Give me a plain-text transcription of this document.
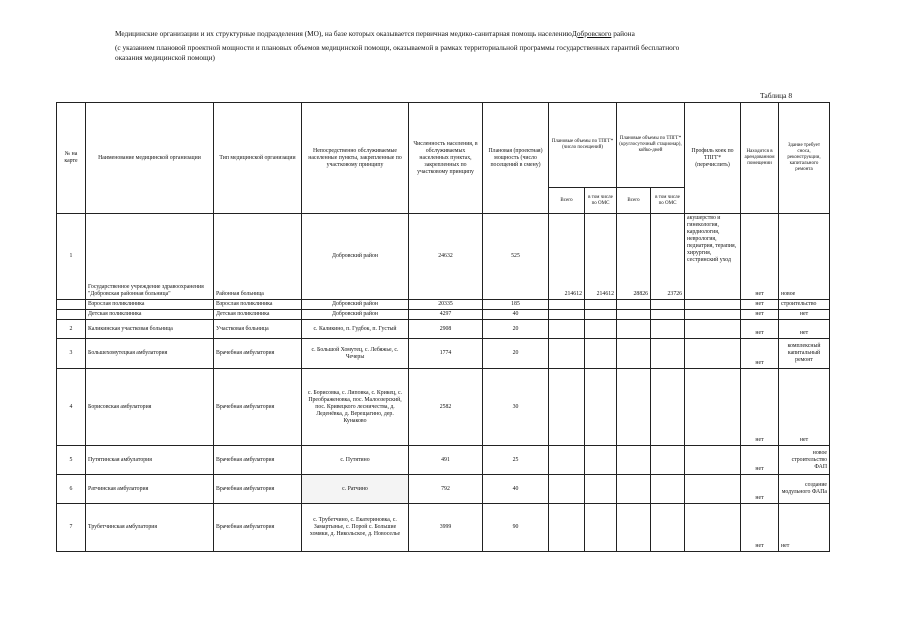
Медицинские организации и их структурные подразделения (МО), на базе которых оказывается первичная медико-санитарная помощь населениюДобровского района
(с указанием плановой проектной мощности и плановых объемов медицинской помощи, оказываемой в рамках территориальной программы государственных гарантий бесплатного
оказания медицинской помощи)
Таблица 8
№ на карте	Наименование медицинской организации	Тип медицинской организации	Непосредственно обслуживаемые населенные пункты, закрепленные по участковому принципу	Численность населения, в обслуживаемых населенных пунктах, закрепленных по участковому принципу	Плановая (проектная) мощность (число посещений в смену)	Плановые объемы по ТПГГ* (число посещений)		Плановые объемы по ТПГГ* (круглосуточный стационар), койко-дней		Профиль коек по ТПГГ* (перечислить)	Находится в арендованном помещении	Здание требует сноса, реконструкции, капитального ремонта
						Всего	в том числе по ОМС	Всего	в том числе по ОМС			
1	Государственное учреждение здравоохранения "Добровская районная больница"	Районная больница	Добровский район	24632	525	214612	214612	28826	23726	акушерство и гинекология, кардиология, неврология, педиатрия, терапия, хирургия, сестринский уход	нет	новое
	Взрослая поликлиника	Взрослая поликлиника	Добровский район	20335	185						нет	строительство
	Детская поликлиника	Детская поликлиника	Добровский район	4297	40						нет	нет
2	Каликинская участковая больница	Участковая больница	с. Каликино, п. Гудбок, п. Густый	2908	20						нет	нет
3	Большехомутецкая амбулатория	Врачебная амбулатория	с. Большой Хомутец, с. Лебяжье, с. Чечеры	1774	20						нет	комплексный капитальный ремонт
4	Борисовская амбулатория	Врачебная амбулатория	с. Борисовка, с. Липовка, с. Крикец, с. Преображеновка, пос. Малоозерский, пос. Кривецкого лесничества, д. Леденёвка, д. Верещагино, дер. Кунаково	2582	30						нет	нет
5	Путятинская амбулатория	Врачебная амбулатория	с. Путятино	491	25						нет	новое строительство ФАП
6	Ратчинская амбулатория	Врачебная амбулатория	с. Ратчино	792	40						нет	создание модульного ФАПа
7	Трубетчинская амбулатория	Врачебная амбулатория	с. Трубетчино, с. Екатериновка, с. Замартынье, с. Порой с. Большие хомяки, д. Никольское, д. Новоселье	3999	90						нет	нет
